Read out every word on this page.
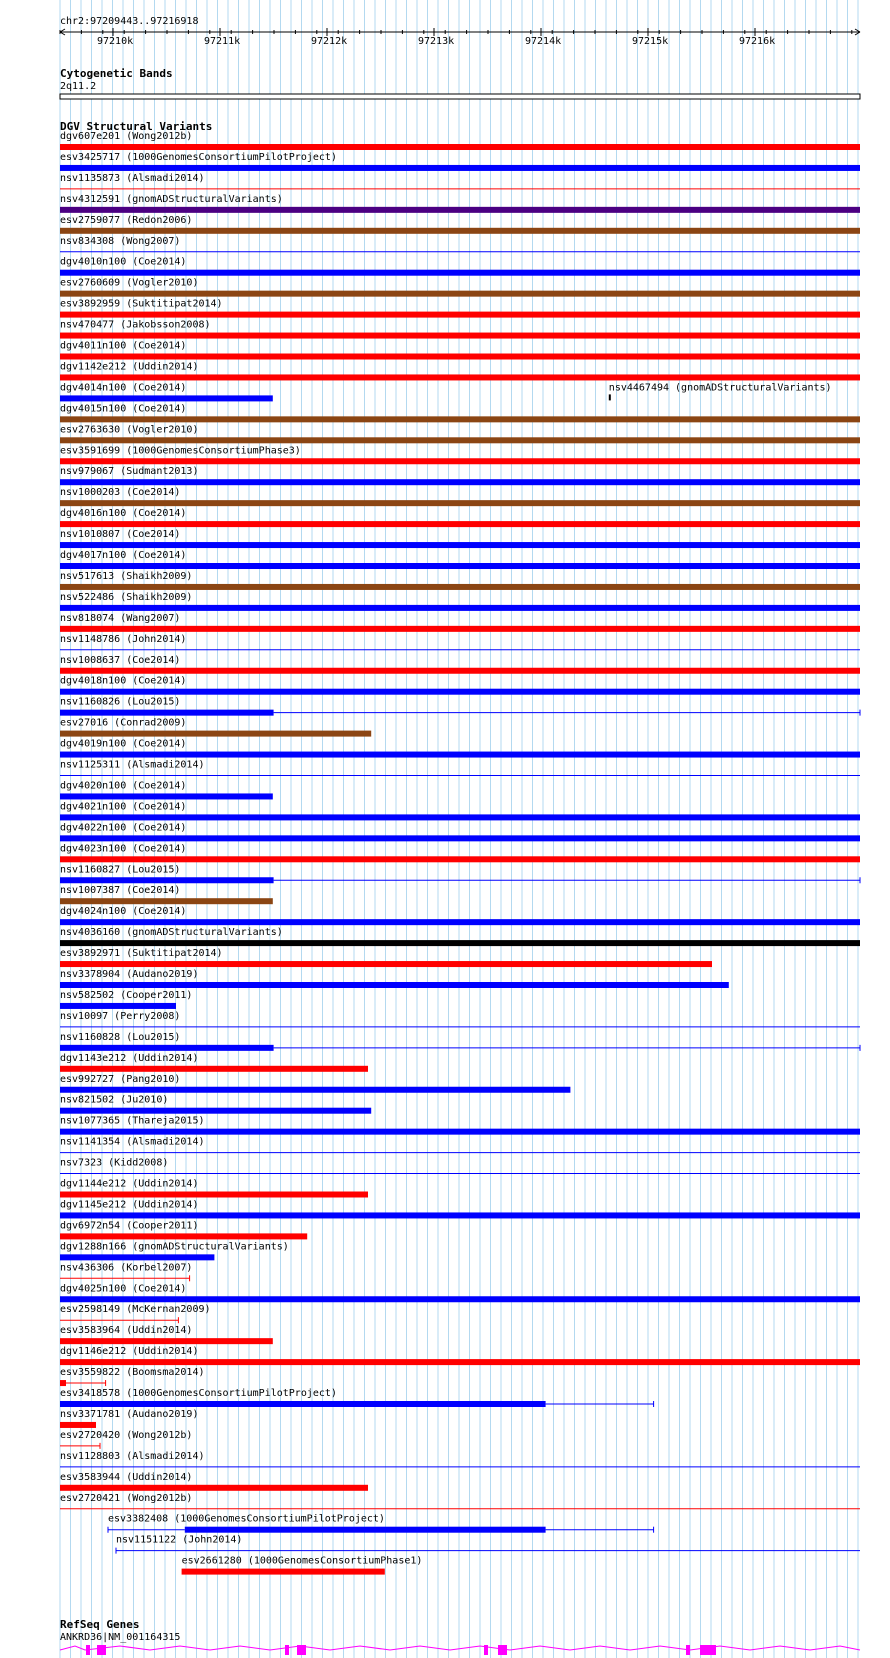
chr2:97209443..97216918
97210k	97211k	97212k	97213k	97214k	97215k	97216k
Cytogenetic Bands
2q11.2
DGV Structural Variants
dgv607e201 (Wong2012b)
esv3425717 (1000GenomesConsortiumPilotProject)
nsv1135873 (Alsmadi2014)
nsv4312591 (gnomADStructuralVariants)
esv2759077 (Redon2006)
nsv834308 (Wong2007)
dgv4010n100 (Coe2014)
esv2760609 (Vogler2010)
esv3892959 (Suktitipat2014)
nsv470477 (Jakobsson2008)
dgv4011n100 (Coe2014)
dgv1142e212 (Uddin2014)
dgv4014n100 (Coe2014)	nsv4467494 (gnomADStructuralVariants)
dgv4015n100 (Coe2014)
esv2763630 (Vogler2010)
esv3591699 (1000GenomesConsortiumPhase3)
nsv979067 (Sudmant2013)
nsv1000203 (Coe2014)
dgv4016n100 (Coe2014)
nsv1010807 (Coe2014)
dgv4017n100 (Coe2014)
nsv517613 (Shaikh2009)
nsv522486 (Shaikh2009)
nsv818074 (Wang2007)
nsv1148786 (John2014)
nsv1008637 (Coe2014)
dgv4018n100 (Coe2014)
nsv1160826 (Lou2015)
esv27016 (Conrad2009)
dgv4019n100 (Coe2014)
nsv1125311 (Alsmadi2014)
dgv4020n100 (Coe2014)
dgv4021n100 (Coe2014)
dgv4022n100 (Coe2014)
dgv4023n100 (Coe2014)
nsv1160827 (Lou2015)
nsv1007387 (Coe2014)
dgv4024n100 (Coe2014)
nsv4036160 (gnomADStructuralVariants)
esv3892971 (Suktitipat2014)
nsv3378904 (Audano2019)
nsv582502 (Cooper2011)
nsv10097 (Perry2008)
nsv1160828 (Lou2015)
dgv1143e212 (Uddin2014)
esv992727 (Pang2010)
nsv821502 (Ju2010)
nsv1077365 (Thareja2015)
nsv1141354 (Alsmadi2014)
nsv7323 (Kidd2008)
dgv1144e212 (Uddin2014)
dgv1145e212 (Uddin2014)
dgv6972n54 (Cooper2011)
dgv1288n166 (gnomADStructuralVariants)
nsv436306 (Korbel2007)
dgv4025n100 (Coe2014)
esv2598149 (McKernan2009)
esv3583964 (Uddin2014)
dgv1146e212 (Uddin2014)
esv3559822 (Boomsma2014)
esv3418578 (1000GenomesConsortiumPilotProject)
nsv3371781 (Audano2019)
esv2720420 (Wong2012b)
nsv1128803 (Alsmadi2014)
esv3583944 (Uddin2014)
esv2720421 (Wong2012b)
esv3382408 (1000GenomesConsortiumPilotProject)
nsv1151122 (John2014)
esv2661280 (1000GenomesConsortiumPhase1)
RefSeq Genes
ANKRD36|NM_001164315
